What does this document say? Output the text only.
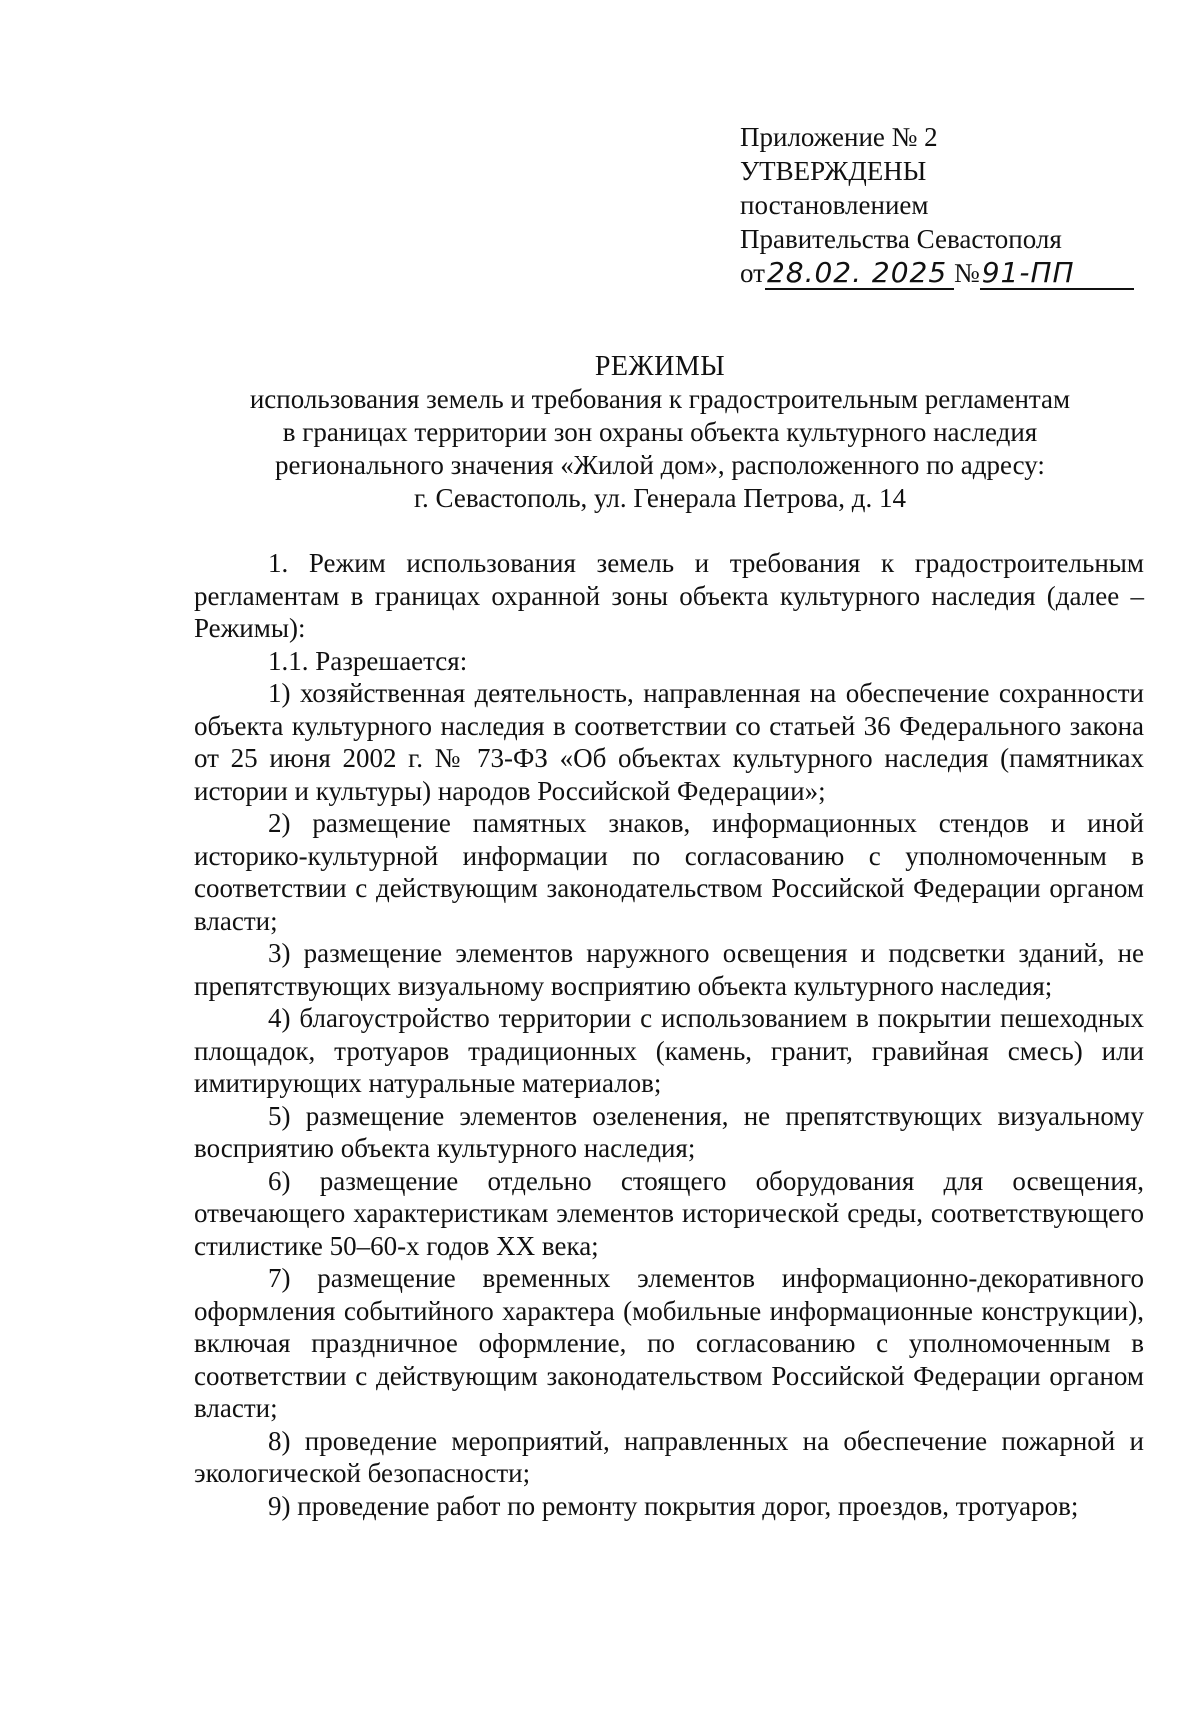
Приложение № 2
УТВЕРЖДЕНЫ
постановлением
Правительства Севастополя
от28.02. 2025 №91-ПП
РЕЖИМЫ
использования земель и требования к градостроительным регламентам
в границах территории зон охраны объекта культурного наследия
регионального значения «Жилой дом», расположенного по адресу:
г. Севастополь, ул. Генерала Петрова, д. 14

1. Режим использования земель и требования к градостроительным регламентам в границах охранной зоны объекта культурного наследия (далее – Режимы):

1.1. Разрешается:

1) хозяйственная деятельность, направленная на обеспечение сохранности объекта культурного наследия в соответствии со статьей 36 Федерального закона от 25 июня 2002 г. № 73-ФЗ «Об объектах культурного наследия (памятниках истории и культуры) народов Российской Федерации»;

2) размещение памятных знаков, информационных стендов и иной историко-культурной информации по согласованию с уполномоченным в соответствии с действующим законодательством Российской Федерации органом власти;

3) размещение элементов наружного освещения и подсветки зданий, не препятствующих визуальному восприятию объекта культурного наследия;

4) благоустройство территории с использованием в покрытии пешеходных площадок, тротуаров традиционных (камень, гранит, гравийная смесь) или имитирующих натуральные материалов;

5) размещение элементов озеленения, не препятствующих визуальному восприятию объекта культурного наследия;

6) размещение отдельно стоящего оборудования для освещения, отвечающего характеристикам элементов исторической среды, соответствующего стилистике 50–60-х годов XX века;

7) размещение временных элементов информационно-декоративного оформления событийного характера (мобильные информационные конструкции), включая праздничное оформление, по согласованию с уполномоченным в соответствии с действующим законодательством Российской Федерации органом власти;

8) проведение мероприятий, направленных на обеспечение пожарной и экологической безопасности;

9) проведение работ по ремонту покрытия дорог, проездов, тротуаров;
